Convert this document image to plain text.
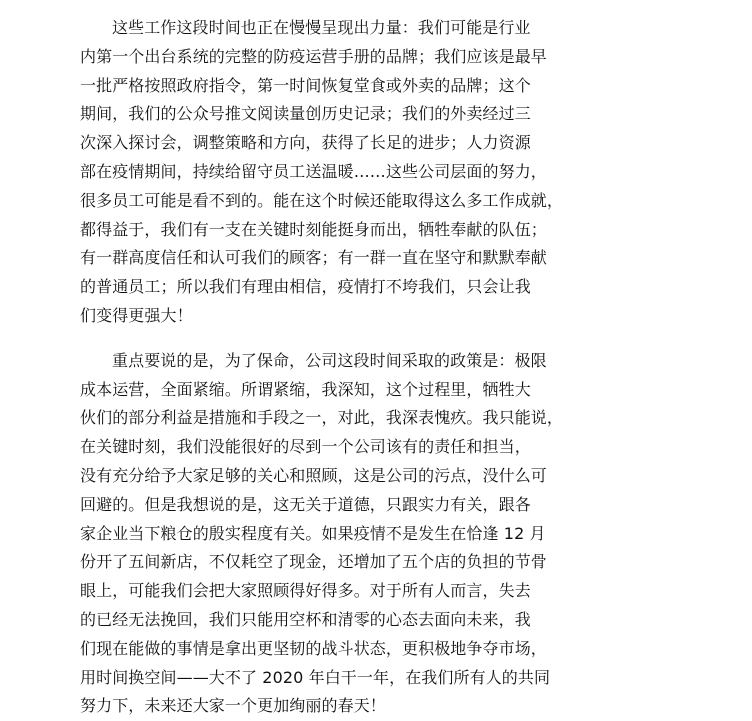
这些工作这段时间也正在慢慢呈现出力量：我们可能是行业
内第一个出台系统的完整的防疫运营手册的品牌；我们应该是最早
一批严格按照政府指令，第一时间恢复堂食或外卖的品牌；这个
期间，我们的公众号推文阅读量创历史记录；我们的外卖经过三
次深入探讨会，调整策略和方向，获得了长足的进步；人力资源
部在疫情期间，持续给留守员工送温暖……这些公司层面的努力，
很多员工可能是看不到的。能在这个时候还能取得这么多工作成就，
都得益于，我们有一支在关键时刻能挺身而出，牺牲奉献的队伍；
有一群高度信任和认可我们的顾客；有一群一直在坚守和默默奉献
的普通员工；所以我们有理由相信，疫情打不垮我们，只会让我
们变得更强大！

重点要说的是，为了保命，公司这段时间采取的政策是：极限
成本运营，全面紧缩。所谓紧缩，我深知，这个过程里，牺牲大
伙们的部分利益是措施和手段之一，对此，我深表愧疚。我只能说，
在关键时刻，我们没能很好的尽到一个公司该有的责任和担当，
没有充分给予大家足够的关心和照顾，这是公司的污点，没什么可
回避的。但是我想说的是，这无关于道德，只跟实力有关，跟各
家企业当下粮仓的殷实程度有关。如果疫情不是发生在恰逢 12 月
份开了五间新店，不仅耗空了现金，还增加了五个店的负担的节骨
眼上，可能我们会把大家照顾得好得多。对于所有人而言，失去
的已经无法挽回，我们只能用空杯和清零的心态去面向未来，我
们现在能做的事情是拿出更坚韧的战斗状态，更积极地争夺市场，
用时间换空间——大不了 2020 年白干一年，在我们所有人的共同
努力下，未来还大家一个更加绚丽的春天！
